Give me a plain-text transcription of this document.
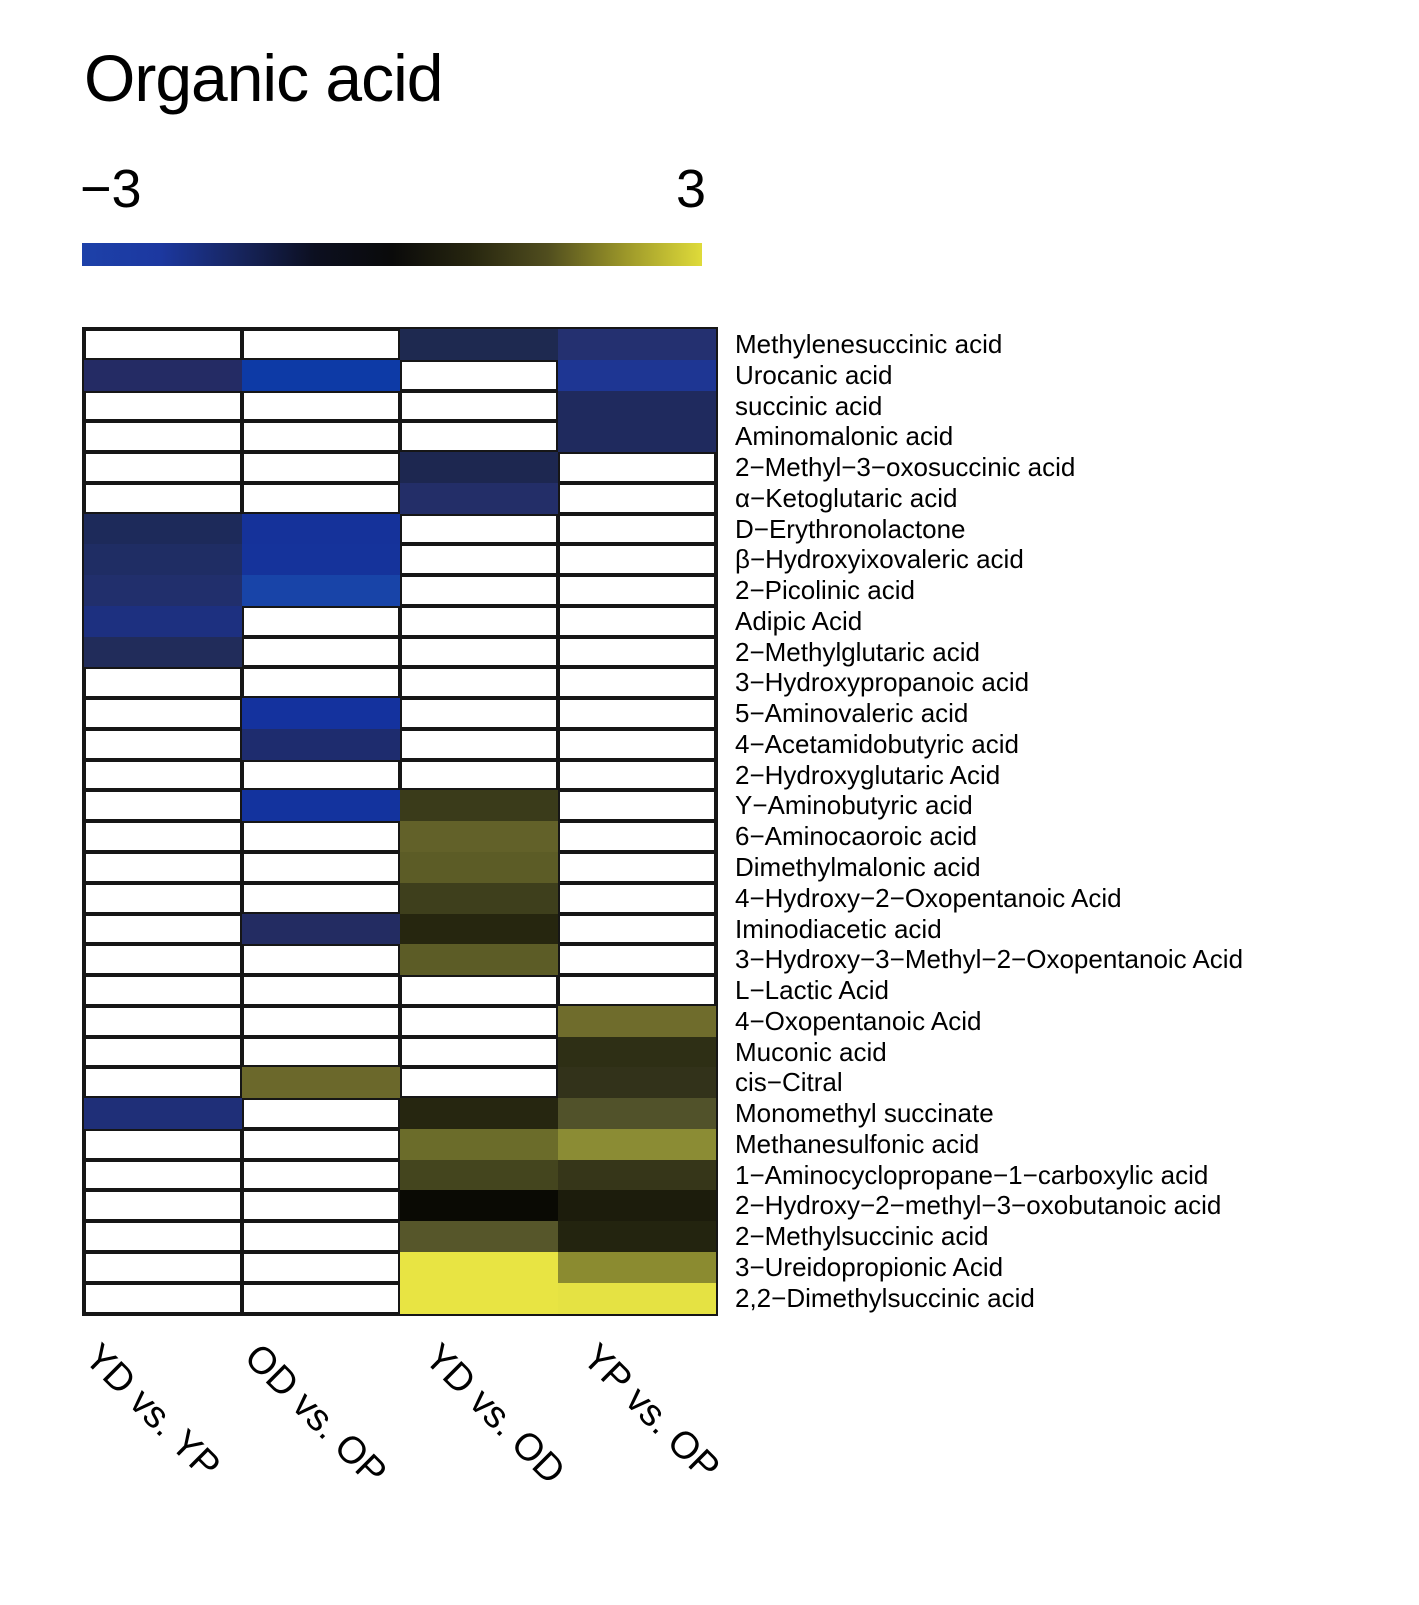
Organic acid
−3	3
Methylenesuccinic acid
Urocanic acid
succinic acid
Aminomalonic acid
2−Methyl−3−oxosuccinic acid
α−Ketoglutaric acid
D−Erythronolactone
β−Hydroxyixovaleric acid
2−Picolinic acid
Adipic Acid
2−Methylglutaric acid
3−Hydroxypropanoic acid
5−Aminovaleric acid
4−Acetamidobutyric acid
2−Hydroxyglutaric Acid
Y−Aminobutyric acid
6−Aminocaoroic acid
Dimethylmalonic acid
4−Hydroxy−2−Oxopentanoic Acid
Iminodiacetic acid
3−Hydroxy−3−Methyl−2−Oxopentanoic Acid
L−Lactic Acid
4−Oxopentanoic Acid
Muconic acid
cis−Citral
Monomethyl succinate
Methanesulfonic acid
1−Aminocyclopropane−1−carboxylic acid
2−Hydroxy−2−methyl−3−oxobutanoic acid
2−Methylsuccinic acid
3−Ureidopropionic Acid
2,2−Dimethylsuccinic acid
YD vs. YP OD vs. OP YD vs. OD YP vs. OP
